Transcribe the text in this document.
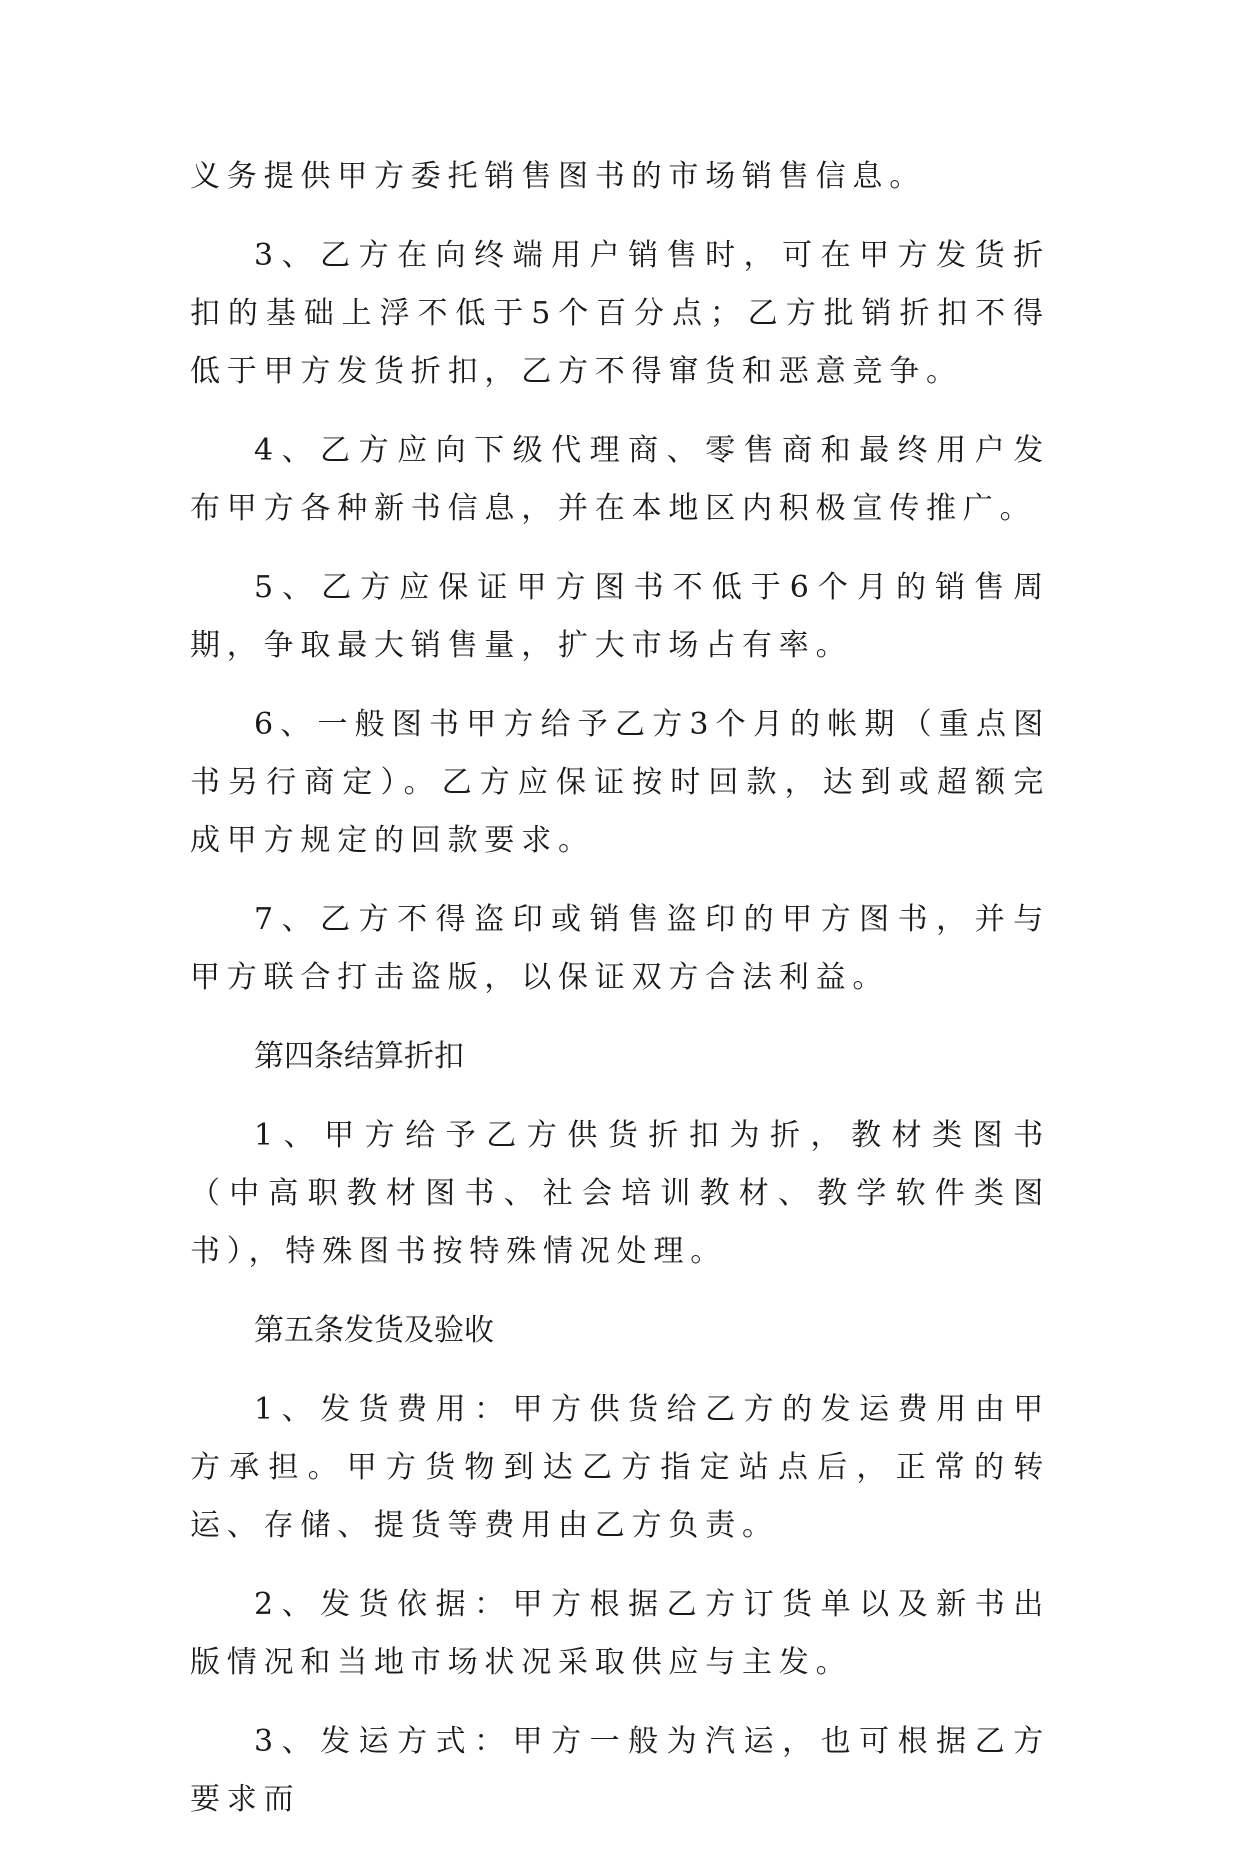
义务提供甲方委托销售图书的市场销售信息。

3、乙方在向终端用户销售时，可在甲方发货折扣的基础上浮不低于5个百分点；乙方批销折扣不得低于甲方发货折扣，乙方不得窜货和恶意竞争。

4、乙方应向下级代理商、零售商和最终用户发布甲方各种新书信息，并在本地区内积极宣传推广。

5、乙方应保证甲方图书不低于6个月的销售周期，争取最大销售量，扩大市场占有率。

6、一般图书甲方给予乙方3个月的帐期（重点图书另行商定）。乙方应保证按时回款，达到或超额完成甲方规定的回款要求。

7、乙方不得盗印或销售盗印的甲方图书，并与甲方联合打击盗版，以保证双方合法利益。

第四条结算折扣

1、甲方给予乙方供货折扣为折，教材类图书（中高职教材图书、社会培训教材、教学软件类图书），特殊图书按特殊情况处理。

第五条发货及验收

1、发货费用：甲方供货给乙方的发运费用由甲方承担。甲方货物到达乙方指定站点后，正常的转运、存储、提货等费用由乙方负责。

2、发货依据：甲方根据乙方订货单以及新书出版情况和当地市场状况采取供应与主发。

3、发运方式：甲方一般为汽运，也可根据乙方要求而
